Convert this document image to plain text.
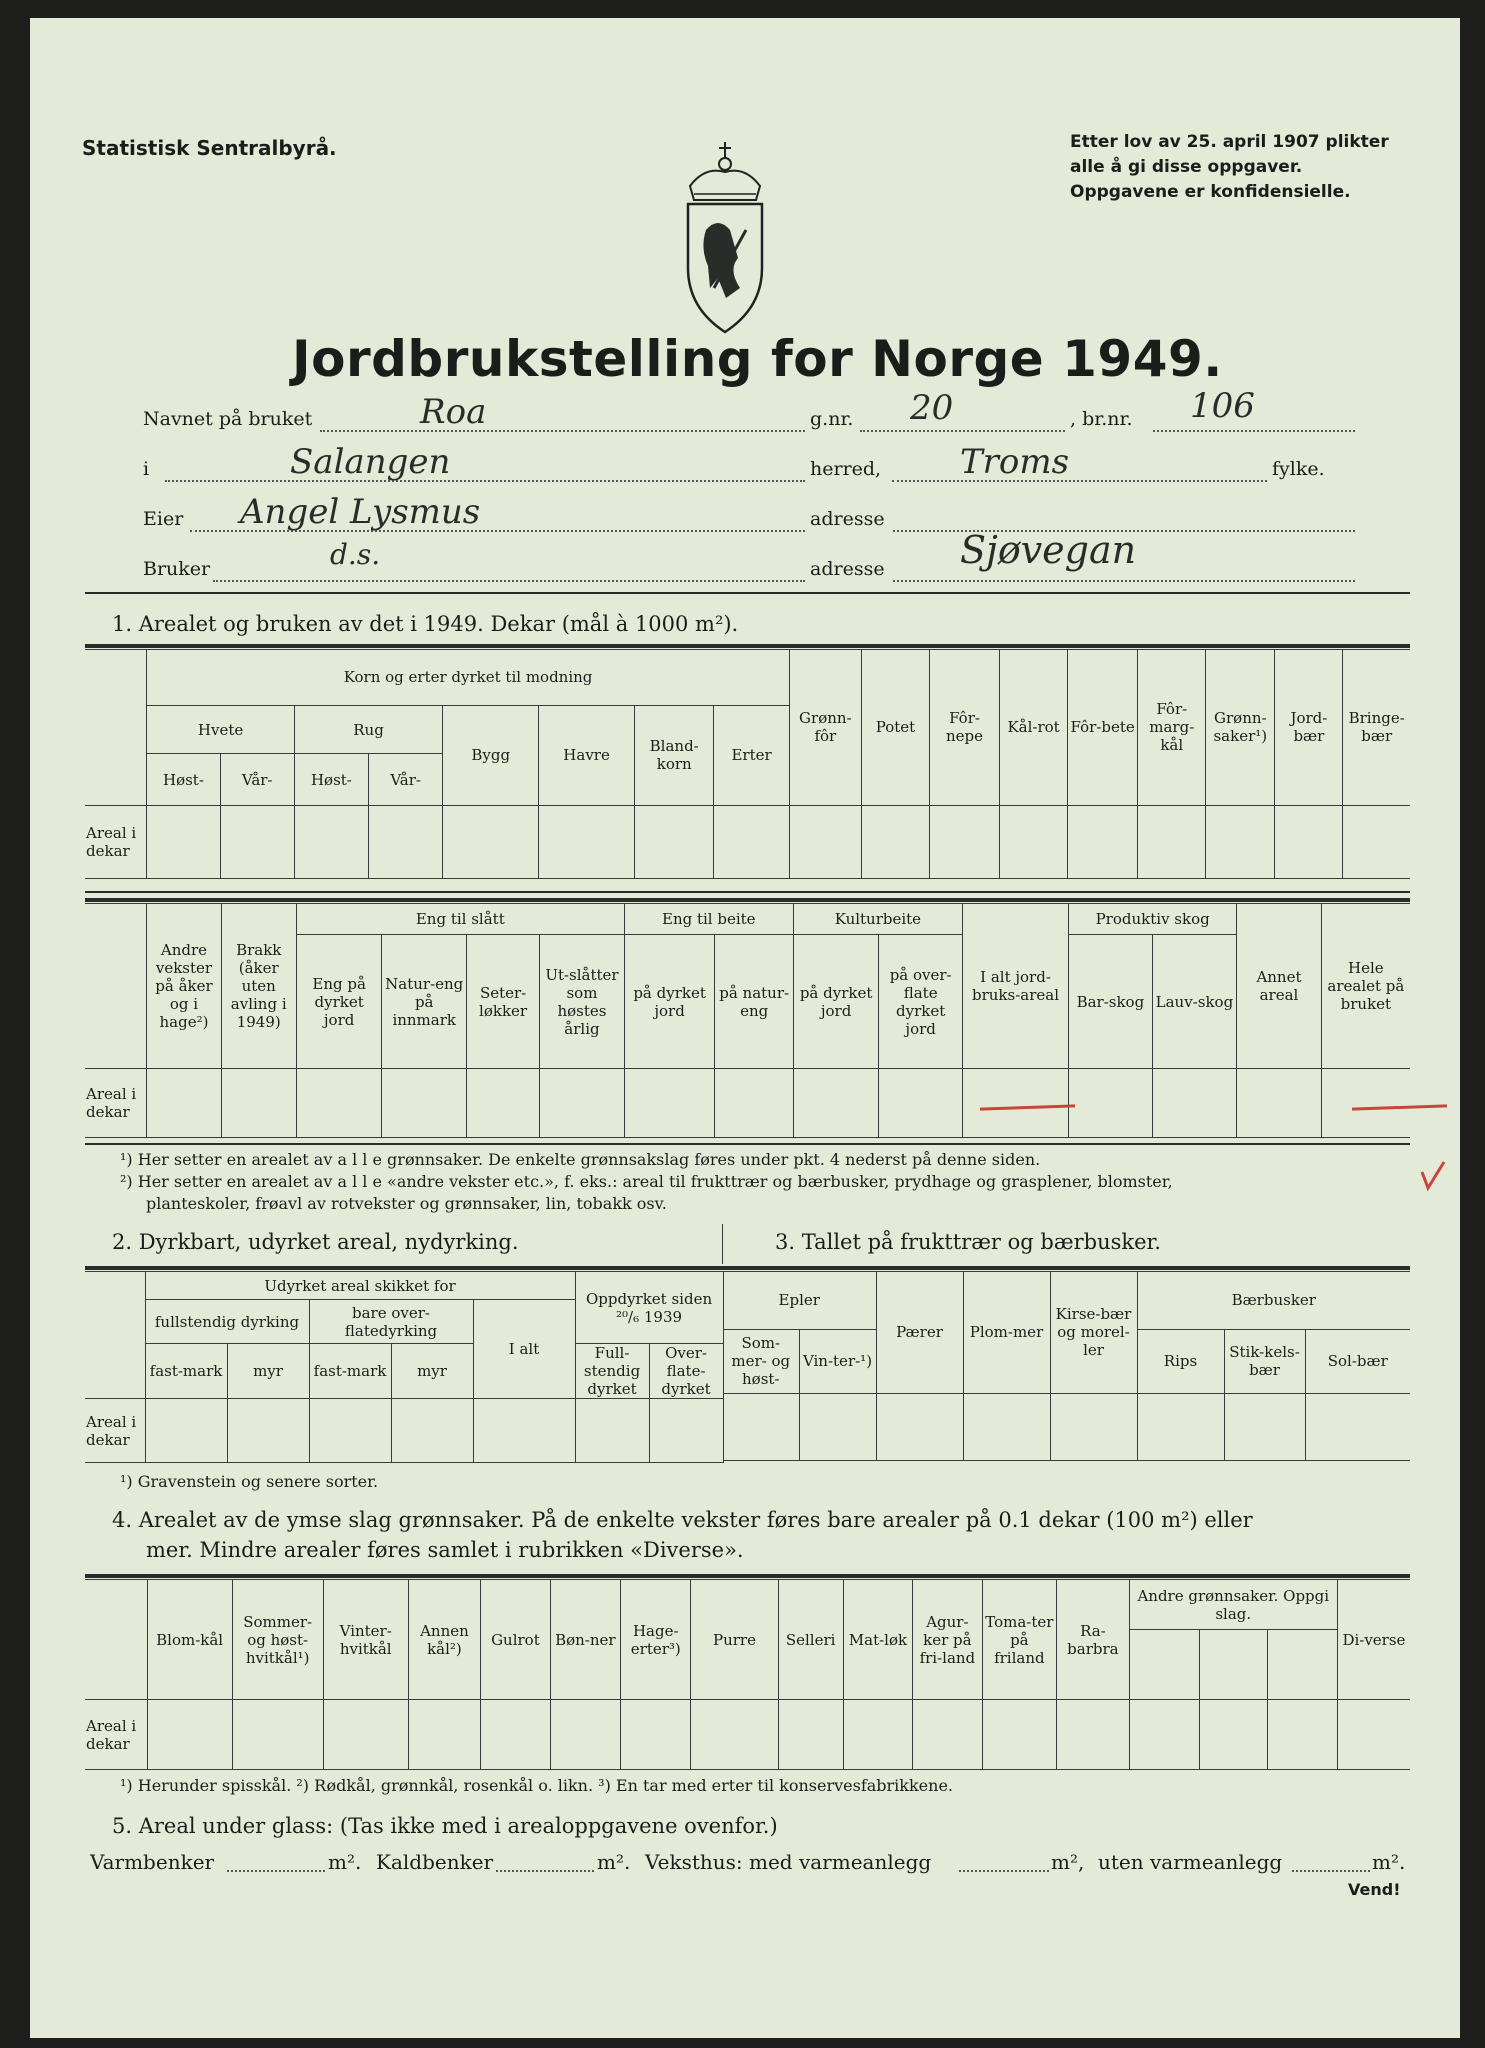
Statistisk Sentralbyrå.	Etter lov av 25. april 1907 plikter
alle å gi disse oppgaver.
Oppgavene er konfidensielle.
Jordbrukstelling for Norge 1949.
Navnet på bruket	Roa	g.nr. 20	, br.nr. 106
i	Salangen	herred, Troms	fylke.
Eier Angel Lysmus	adresse
Bruker	d.s.	adresse Sjøvegan
1. Arealet og bruken av det i 1949. Dekar (mål à 1000 m²).
	Korn og erter dyrket til modning								Grønn-fôr	Potet	Fôr-nepe	Kål-rot	Fôr-bete	Fôr-marg-kål	Grønn-saker¹)	Jord-bær	Bringe-bær
	Hvete		Rug		Bygg	Havre	Bland-korn	Erter									
	Høst-	Vår-	Høst-	Vår-													
Areal i dekar																	
	Andre vekster på åker og i hage²)	Brakk (åker uten avling i 1949)	Eng til slått				Eng til beite		Kulturbeite		I alt jord-bruks-areal	Produktiv skog		Annet areal	Hele arealet på bruket
			Eng på dyrket jord	Natur-eng på innmark	Seter-løkker	Ut-slåtter som høstes årlig	på dyrket jord	på natur-eng	på dyrket jord	på over-flate dyrket jord		Bar-skog	Lauv-skog		
Areal i dekar															
¹) Her setter en arealet av a l l e grønnsaker. De enkelte grønnsakslag føres under pkt. 4 nederst på denne siden.
²) Her setter en arealet av a l l e «andre vekster etc.», f. eks.: areal til frukttrær og bærbusker, prydhage og grasplener, blomster,
planteskoler, frøavl av rotvekster og grønnsaker, lin, tobakk osv.
2. Dyrkbart, udyrket areal, nydyrking.	3. Tallet på frukttrær og bærbusker.
	Udyrket areal skikket for					Oppdyrket siden ²⁰/₆ 1939	
	fullstendig dyrking		bare over-flatedyrking		I alt		
	fast-mark	myr	fast-mark	myr		Full-stendig dyrket	Over-flate-dyrket
Areal i dekar							
Epler		Pærer	Plom-mer	Kirse-bær og morel-ler	Bærbusker		
Som-mer- og høst-	Vin-ter-¹)				Rips	Stik-kels-bær	Sol-bær

¹) Gravenstein og senere sorter.
4. Arealet av de ymse slag grønnsaker. På de enkelte vekster føres bare arealer på 0.1 dekar (100 m²) eller
mer. Mindre arealer føres samlet i rubrikken «Diverse».
	Blom-kål	Sommer- og høst-hvitkål¹)	Vinter-hvitkål	Annen kål²)	Gulrot	Bøn-ner	Hage-erter³)	Purre	Selleri	Mat-løk	Agur-ker på fri-land	Toma-ter på friland	Ra-barbra	Andre grønnsaker. Oppgi slag.			Di-verse

Areal i dekar																	
¹) Herunder spisskål. ²) Rødkål, grønnkål, rosenkål o. likn. ³) En tar med erter til konservesfabrikkene.
5. Areal under glass: (Tas ikke med i arealoppgavene ovenfor.)
Varmbenker	m². Kaldbenker	m². Veksthus: med varmeanlegg	m², uten varmeanlegg	m².
Vend!
